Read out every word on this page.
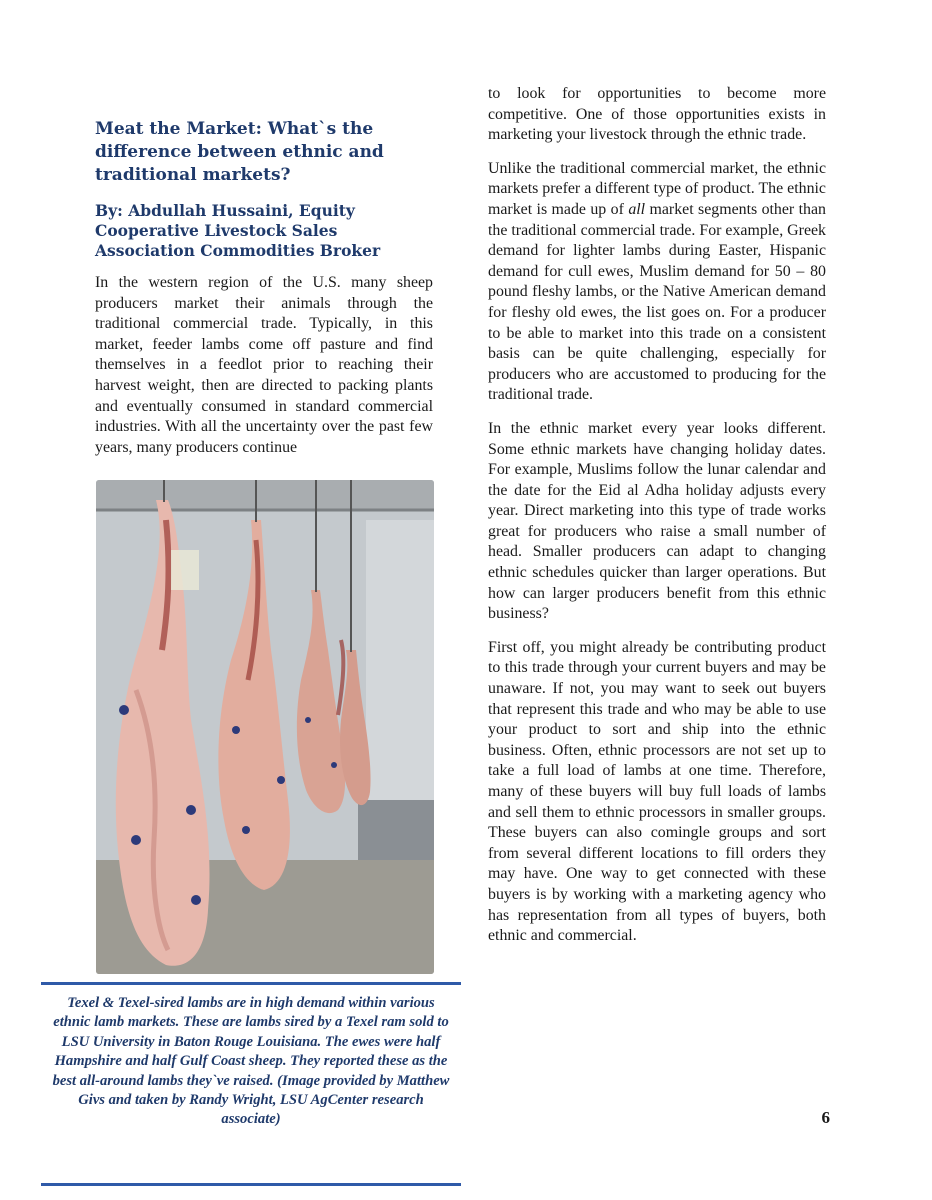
Meat the Market: What`s the difference between ethnic and traditional markets?
By: Abdullah Hussaini, Equity Cooperative Livestock Sales Association Commodities Broker

In the western region of the U.S. many sheep producers market their animals through the traditional commercial trade. Typically, in this market, feeder lambs come off pasture and find themselves in a feedlot prior to reaching their harvest weight, then are directed to packing plants and eventually consumed in standard commercial industries. With all the uncertainty over the past few years, many producers continue

Texel & Texel-sired lambs are in high demand within various ethnic lamb markets. These are lambs sired by a Texel ram sold to LSU University in Baton Rouge Louisiana. The ewes were half Hampshire and half Gulf Coast sheep. They reported these as the best all-around lambs they`ve raised. (Image provided by Matthew Givs and taken by Randy Wright, LSU AgCenter research associate)

to look for opportunities to become more competitive. One of those opportunities exists in marketing your livestock through the ethnic trade.

Unlike the traditional commercial market, the ethnic markets prefer a different type of product. The ethnic market is made up of all market segments other than the traditional commercial trade. For example, Greek demand for lighter lambs during Easter, Hispanic demand for cull ewes, Muslim demand for 50 – 80 pound fleshy lambs, or the Native American demand for fleshy old ewes, the list goes on. For a producer to be able to market into this trade on a consistent basis can be quite challenging, especially for producers who are accustomed to producing for the traditional trade.

In the ethnic market every year looks different. Some ethnic markets have changing holiday dates. For example, Muslims follow the lunar calendar and the date for the Eid al Adha holiday adjusts every year. Direct marketing into this type of trade works great for producers who raise a small number of head. Smaller producers can adapt to changing ethnic schedules quicker than larger operations. But how can larger producers benefit from this ethnic business?

First off, you might already be contributing product to this trade through your current buyers and may be unaware. If not, you may want to seek out buyers that represent this trade and who may be able to use your product to sort and ship into the ethnic business. Often, ethnic processors are not set up to take a full load of lambs at one time. Therefore, many of these buyers will buy full loads of lambs and sell them to ethnic processors in smaller groups. These buyers can also comingle groups and sort from several different locations to fill orders they may have. One way to get connected with these buyers is by working with a marketing agency who has representation from all types of buyers, both ethnic and commercial.

6
